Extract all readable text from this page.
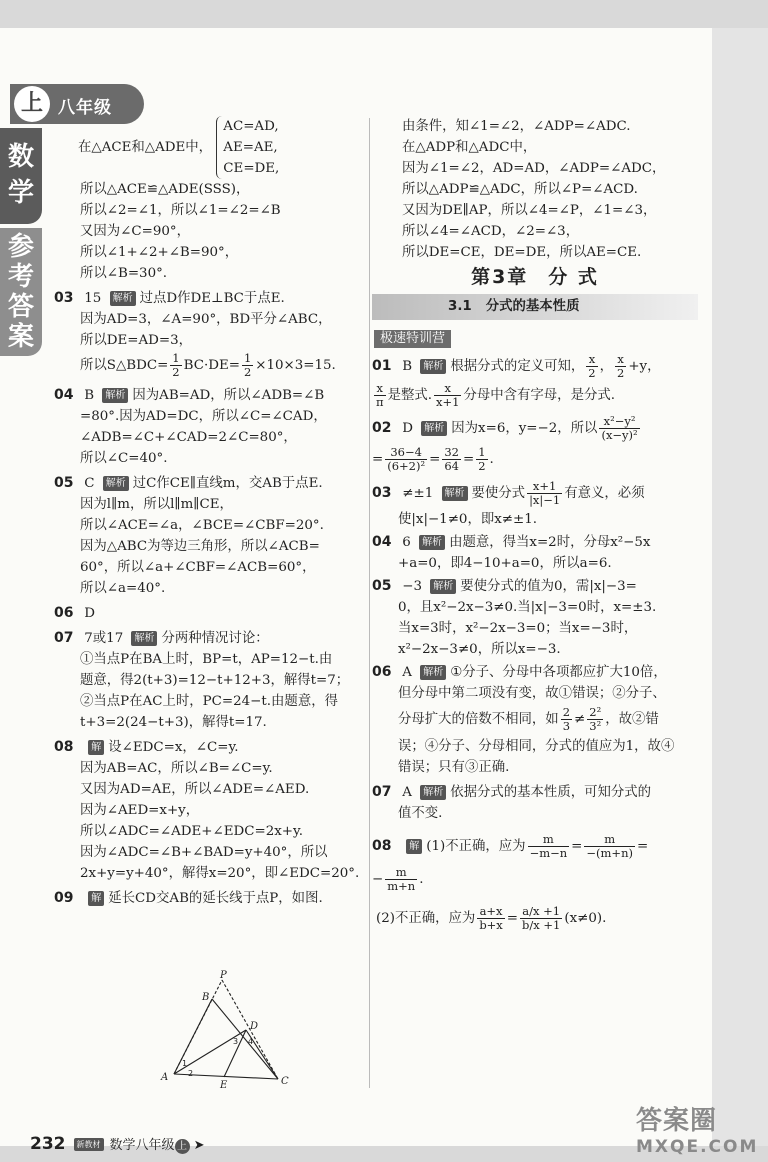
上 八年级
数
学
参
考
答
案
在△ACE和△ADE中，
AC=AD,
AE=AE,
CE=DE,
所以△ACE≌△ADE(SSS)，
所以∠2=∠1，所以∠1=∠2=∠B
又因为∠C=90°，
所以∠1+∠2+∠B=90°，
所以∠B=30°.
03 15 解析 过点D作DE⊥BC于点E.
因为AD=3，∠A=90°，BD平分∠ABC，
所以DE=AD=3，
所以S△BDC= $\frac{1}{2} BC\cdot DE= \frac{1}{2} \times 10\times 3=15$.
04 B 解析 因为AB=AD，所以∠ADB=∠B
=80°.因为AD=DC，所以∠C=∠CAD，
∠ADB=∠C+∠CAD=2∠C=80°，
所以∠C=40°.
05 C 解析 过C作CE∥直线m，交AB于点E.
因为l∥m，所以l∥m∥CE，
所以∠ACE=∠a，∠BCE=∠CBF=20°.
因为△ABC为等边三角形，所以∠ACB=
60°，所以∠a+∠CBF=∠ACB=60°，
所以∠a=40°.
06 D
07 7或17 解析 分两种情况讨论：
①当点P在BA上时，BP=t，AP=12−t.由
题意，得2(t+3)=12−t+12+3，解得t=7；
②当点P在AC上时，PC=24−t.由题意，得
t+3=2(24−t+3)，解得t=17.
08 解 设∠EDC=x，∠C=y.
因为AB=AC，所以∠B=∠C=y.
又因为AD=AE，所以∠ADE=∠AED.
因为∠AED=x+y，
所以∠ADC=∠ADE+∠EDC=2x+y.
因为∠ADC=∠B+∠BAD=y+40°，所以
2x+y=y+40°，解得x=20°，即∠EDC=20°.
09 解 延长CD交AB的延长线于点P，如图.
P
B
D
A
E	C
1
2
3 4
由条件，知∠1=∠2，∠ADP=∠ADC.
在△ADP和△ADC中，
因为∠1=∠2，AD=AD，∠ADP=∠ADC，
所以△ADP≌△ADC，所以∠P=∠ACD.
又因为DE∥AP，所以∠4=∠P，∠1=∠3，
所以∠4=∠ACD，∠2=∠3，
所以DE=CE，DE=DE，所以AE=CE.
第3章 分 式
3.1 分式的基本性质
极速特训营
01 B 解析 根据分式的定义可知， $\frac{x}{2}$ ， $\frac{x}{2} +y$，
$\frac{x}{\pi}$ 是整式. $\frac{x}{x+1}$ 分母中含有字母，是分式.
02 D 解析 因为x=6，y=−2，所以 $\frac{\text{x²−y²}}{\text{(x−y)²}}$
= $\frac{36-4}{\text{(6+2)²}} = \frac{32}{64} = \frac{1}{2}$ .
03 ≠±1 解析 要使分式 $\frac{x+1}{|x|-1}$ 有意义，必须
使|x|−1≠0，即x≠±1.
04 6 解析 由题意，得当x=2时，分母x²−5x
+a=0，即4−10+a=0，所以a=6.
05 −3 解析 要使分式的值为0，需|x|−3=
0，且x²−2x−3≠0.当|x|−3=0时，x=±3.
当x=3时，x²−2x−3=0；当x=−3时，
x²−2x−3≠0，所以x=−3.
06 A 解析 ①分子、分母中各项都应扩大10倍，
但分母中第二项没有变，故①错误；②分子、
分母扩大的倍数不相同，如 $\frac{2}{3} \ne \frac{\text{2²}}{\text{3²}}$ ，故②错
误；④分子、分母相同，分式的值应为1，故④
错误；只有③正确.
07 A 解析 依据分式的基本性质，可知分式的
值不变.
08 解 (1)不正确，应为 $\frac{m}{-m-n} = \frac{m}{-(m+n)}$ =
− $\frac{m}{m+n}$ .
(2)不正确，应为 $\frac{a+x}{b+x} = \frac{a/x +1}{b/x +1} (x\ne 0)$.
232 新教材 数学八年级 上 ➤
答案圈
MXQE.COM
